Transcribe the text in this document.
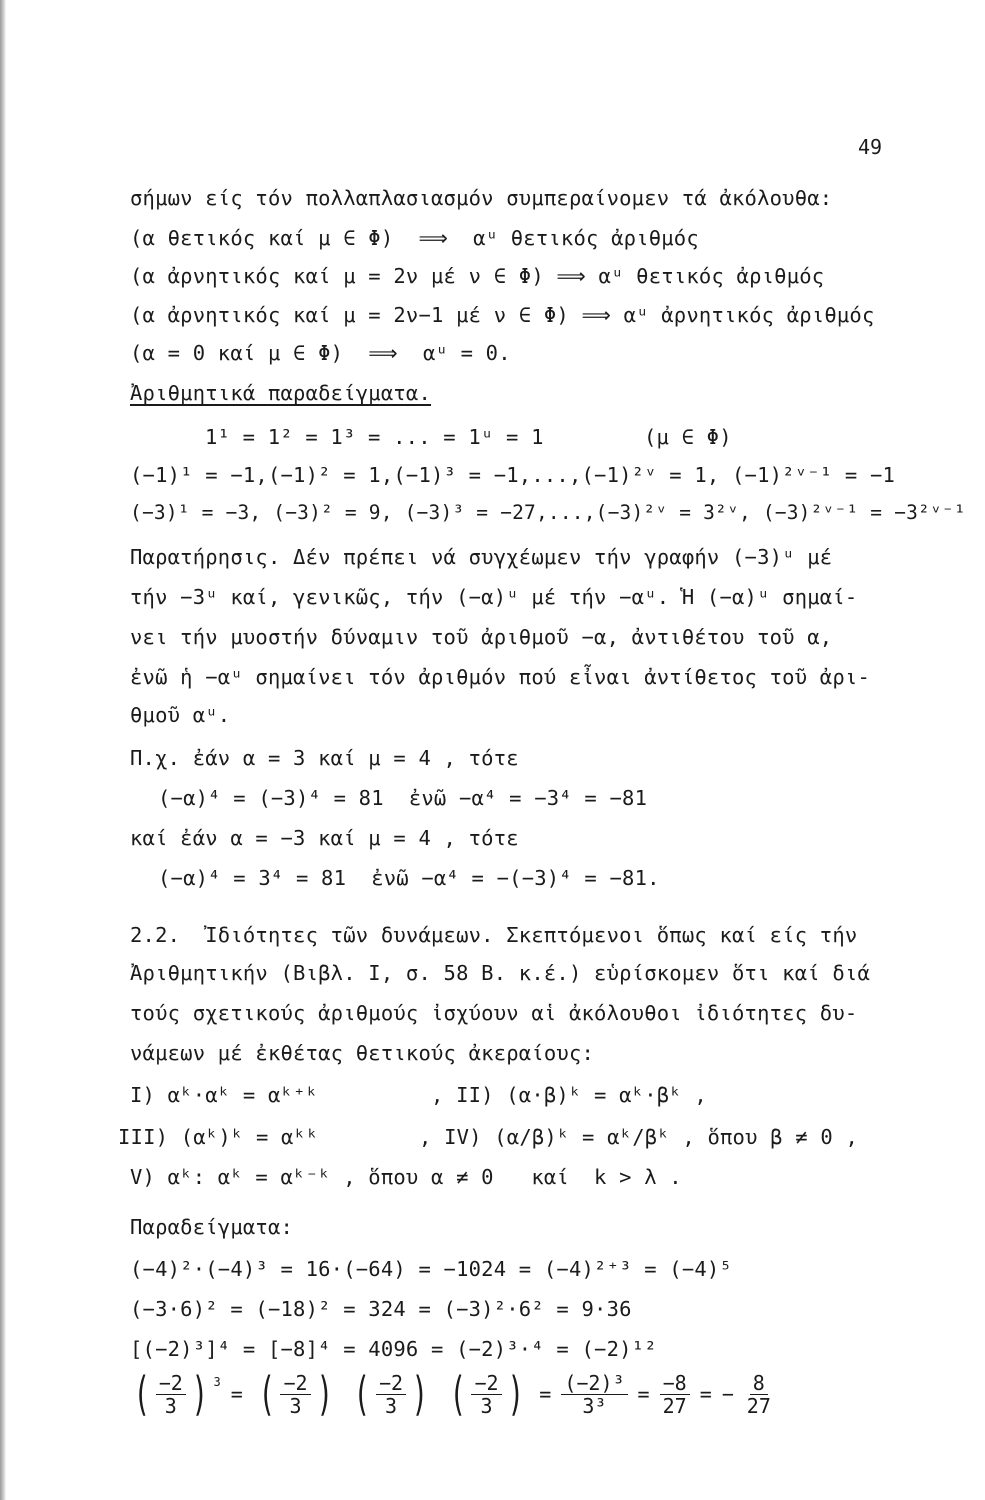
49
σήμων είς τόν πολλαπλασιασμόν συμπεραίνομεν τά ἀκόλουθα:
(α θετικός καί μ ∈ Φ)  ⟹  αᵘ θετικός ἀριθμός
(α ἀρνητικός καί μ = 2ν μέ ν ∈ Φ) ⟹ αᵘ θετικός ἀριθμός
(α ἀρνητικός καί μ = 2ν−1 μέ ν ∈ Φ) ⟹ αᵘ ἀρνητικός ἀριθμός
(α = 0 καί μ ∈ Φ)  ⟹  αᵘ = 0.
Ἀριθμητικά παραδείγματα.
1¹ = 1² = 1³ = ... = 1ᵘ = 1        (μ ∈ Φ)
(−1)¹ = −1,(−1)² = 1,(−1)³ = −1,...,(−1)²ᵛ = 1, (−1)²ᵛ⁻¹ = −1
(−3)¹ = −3, (−3)² = 9, (−3)³ = −27,...,(−3)²ᵛ = 3²ᵛ, (−3)²ᵛ⁻¹ = −3²ᵛ⁻¹
Παρατήρησις. Δέν πρέπει νά συγχέωμεν τήν γραφήν (−3)ᵘ μέ
τήν −3ᵘ καί, γενικῶς, τήν (−α)ᵘ μέ τήν −αᵘ. Ἡ (−α)ᵘ σημαί-
νει τήν μυοστήν δύναμιν τοῦ ἀριθμοῦ −α, ἀντιθέτου τοῦ α,
ἐνῶ ἡ −αᵘ σημαίνει τόν ἀριθμόν πού εἶναι ἀντίθετος τοῦ ἀρι-
θμοῦ αᵘ.
Π.χ. ἐάν α = 3 καί μ = 4 , τότε
(−α)⁴ = (−3)⁴ = 81  ἐνῶ −α⁴ = −3⁴ = −81
καί ἐάν α = −3 καί μ = 4 , τότε
(−α)⁴ = 3⁴ = 81  ἐνῶ −α⁴ = −(−3)⁴ = −81.
2.2.  Ἰδιότητες τῶν δυνάμεων. Σκεπτόμενοι ὅπως καί είς τήν
Ἀριθμητικήν (Βιβλ. Ι, σ. 58 Β. κ.έ.) εὑρίσκομεν ὅτι καί διά
τούς σχετικούς ἀριθμούς ἰσχύουν αἱ ἀκόλουθοι ἰδιότητες δυ-
νάμεων μέ ἐκθέτας θετικούς ἀκεραίους:
I) αᵏ·αᵏ = αᵏ⁺ᵏ         , II) (α·β)ᵏ = αᵏ·βᵏ ,
III) (αᵏ)ᵏ = αᵏᵏ        , IV) (α/β)ᵏ = αᵏ/βᵏ , ὅπου β ≠ 0 ,
V) αᵏ: αᵏ = αᵏ⁻ᵏ , ὅπου α ≠ 0   καί  k > λ .
Παραδείγματα:
(−4)²·(−4)³ = 16·(−64) = −1024 = (−4)²⁺³ = (−4)⁵
(−3·6)² = (−18)² = 324 = (−3)²·6² = 9·36
[(−2)³]⁴ = [−8]⁴ = 4096 = (−2)³·⁴ = (−2)¹²
( $\frac{-2}{3}$ ) 3 = ( $\frac{-2}{3}$ ) ( $\frac{-2}{3}$ ) ( $\frac{-2}{3}$ ) = $\frac{\text{(−2)³}}{\text{3³}} = \frac{-8}{27}$ = − $\frac{8}{27}$
